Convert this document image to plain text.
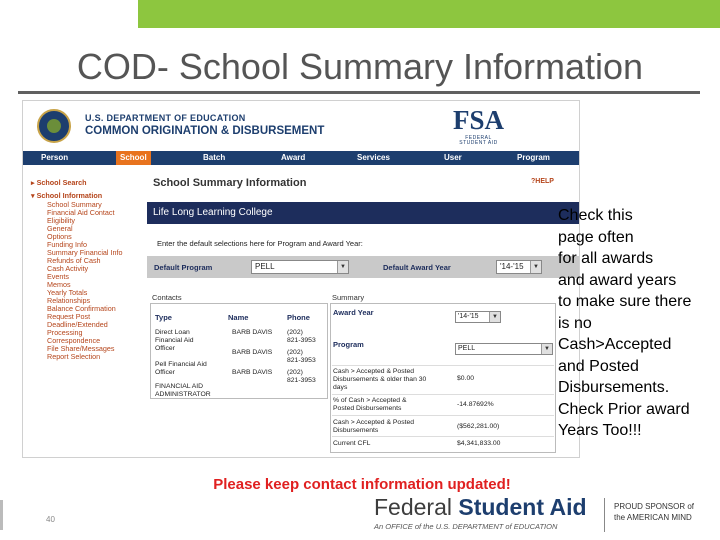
COD- School Summary Information
U.S. DEPARTMENT OF EDUCATION
COMMON ORIGINATION & DISBURSEMENT	FSA
FEDERAL STUDENT AID
Person	School	Batch	Award	Services	User	Program
▸ School Search
▾ School Information
School Summary
Financial Aid Contact
Eligibility
General
Options
Funding Info
Summary Financial Info
Refunds of Cash
Cash Activity
Events
Memos
Yearly Totals
Relationships
Balance Confirmation
Request Post
Deadline/Extended
Processing
Correspondence
File Share/Messages
Report Selection
School Summary Information	?HELP
Life Long Learning College
Enter the default selections here for Program and Award Year:
Default Program	PELL	▼	Default Award Year	'14-'15	▼
Contacts
Type	Name	Phone
Direct Loan
Financial Aid
Officer
BARB DAVIS (202)
821-3953
Pell Financial Aid
Officer
BARB DAVIS (202)
821-3953
FINANCIAL AID
ADMINISTRATOR
BARB DAVIS (202)
821-3953
Summary
Award Year	'14-'15	▼
Program	PELL	▼
Cash > Accepted & Posted
Disbursements & older than 30
days
$0.00
% of Cash > Accepted &
Posted Disbursements
-14.87692%
Cash > Accepted & Posted
Disbursements
($562,281.00)
Current CFL	$4,341,833.00
Check this
page often
for all awards
and award years
to make sure there
is no
Cash>Accepted
and Posted
Disbursements.
Check Prior award
Years Too!!!
Please keep contact information updated!
40	Federal Student Aid
An OFFICE of the U.S. DEPARTMENT of EDUCATION
PROUD SPONSOR of
the AMERICAN MIND
